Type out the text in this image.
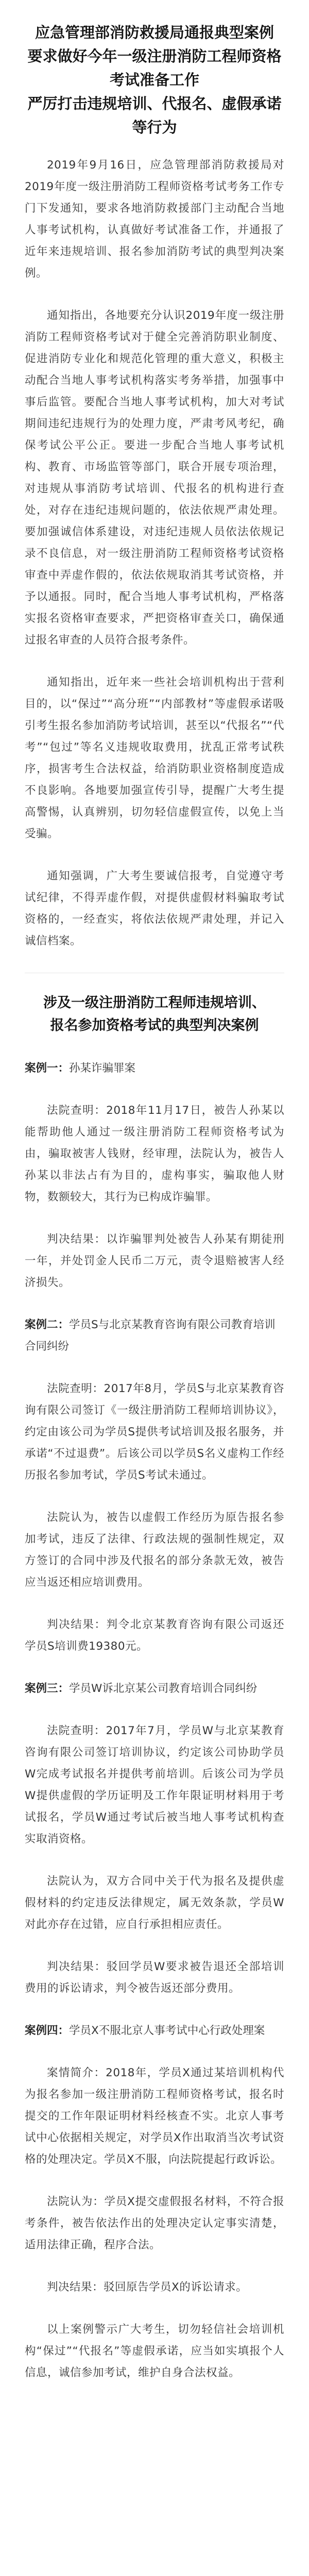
应急管理部消防救援局通报典型案例
要求做好今年一级注册消防工程师资格
考试准备工作
严厉打击违规培训、代报名、虚假承诺
等行为

2019年9月16日，应急管理部消防救援局对2019年度一级注册消防工程师资格考试考务工作专门下发通知，要求各地消防救援部门主动配合当地人事考试机构，认真做好考试准备工作，并通报了近年来违规培训、报名参加消防考试的典型判决案例。

通知指出，各地要充分认识2019年度一级注册消防工程师资格考试对于健全完善消防职业制度、促进消防专业化和规范化管理的重大意义，积极主动配合当地人事考试机构落实考务举措，加强事中事后监管。要配合当地人事考试机构，加大对考试期间违纪违规行为的处理力度，严肃考风考纪，确保考试公平公正。要进一步配合当地人事考试机构、教育、市场监管等部门，联合开展专项治理，对违规从事消防考试培训、代报名的机构进行查处，对存在违纪违规问题的，依法依规严肃处理。要加强诚信体系建设，对违纪违规人员依法依规记录不良信息，对一级注册消防工程师资格考试资格审查中弄虚作假的，依法依规取消其考试资格，并予以通报。同时，配合当地人事考试机构，严格落实报名资格审查要求，严把资格审查关口，确保通过报名审查的人员符合报考条件。

通知指出，近年来一些社会培训机构出于营利目的，以“保过”“高分班”“内部教材”等虚假承诺吸引考生报名参加消防考试培训，甚至以“代报名”“代考”“包过”等名义违规收取费用，扰乱正常考试秩序，损害考生合法权益，给消防职业资格制度造成不良影响。各地要加强宣传引导，提醒广大考生提高警惕，认真辨别，切勿轻信虚假宣传，以免上当受骗。

通知强调，广大考生要诚信报考，自觉遵守考试纪律，不得弄虚作假，对提供虚假材料骗取考试资格的，一经查实，将依法依规严肃处理，并记入诚信档案。

涉及一级注册消防工程师违规培训、
报名参加资格考试的典型判决案例

案例一：孙某诈骗罪案

法院查明：2018年11月17日，被告人孙某以能帮助他人通过一级注册消防工程师资格考试为由，骗取被害人钱财，经审理，法院认为，被告人孙某以非法占有为目的，虚构事实，骗取他人财物，数额较大，其行为已构成诈骗罪。

判决结果：以诈骗罪判处被告人孙某有期徒刑一年，并处罚金人民币二万元，责令退赔被害人经济损失。

案例二：学员S与北京某教育咨询有限公司教育培训合同纠纷

法院查明：2017年8月，学员S与北京某教育咨询有限公司签订《一级注册消防工程师培训协议》，约定由该公司为学员S提供考试培训及报名服务，并承诺“不过退费”。后该公司以学员S名义虚构工作经历报名参加考试，学员S考试未通过。

法院认为，被告以虚假工作经历为原告报名参加考试，违反了法律、行政法规的强制性规定，双方签订的合同中涉及代报名的部分条款无效，被告应当返还相应培训费用。

判决结果：判令北京某教育咨询有限公司返还学员S培训费19380元。

案例三：学员W诉北京某公司教育培训合同纠纷

法院查明：2017年7月，学员W与北京某教育咨询有限公司签订培训协议，约定该公司协助学员W完成考试报名并提供考前培训。后该公司为学员W提供虚假的学历证明及工作年限证明材料用于考试报名，学员W通过考试后被当地人事考试机构查实取消资格。

法院认为，双方合同中关于代为报名及提供虚假材料的约定违反法律规定，属无效条款，学员W对此亦存在过错，应自行承担相应责任。

判决结果：驳回学员W要求被告退还全部培训费用的诉讼请求，判令被告返还部分费用。

案例四：学员X不服北京人事考试中心行政处理案

案情简介：2018年，学员X通过某培训机构代为报名参加一级注册消防工程师资格考试，报名时提交的工作年限证明材料经核查不实。北京人事考试中心依据相关规定，对学员X作出取消当次考试资格的处理决定。学员X不服，向法院提起行政诉讼。

法院认为：学员X提交虚假报名材料，不符合报考条件，被告依法作出的处理决定认定事实清楚，适用法律正确，程序合法。

判决结果：驳回原告学员X的诉讼请求。

以上案例警示广大考生，切勿轻信社会培训机构“保过”“代报名”等虚假承诺，应当如实填报个人信息，诚信参加考试，维护自身合法权益。
